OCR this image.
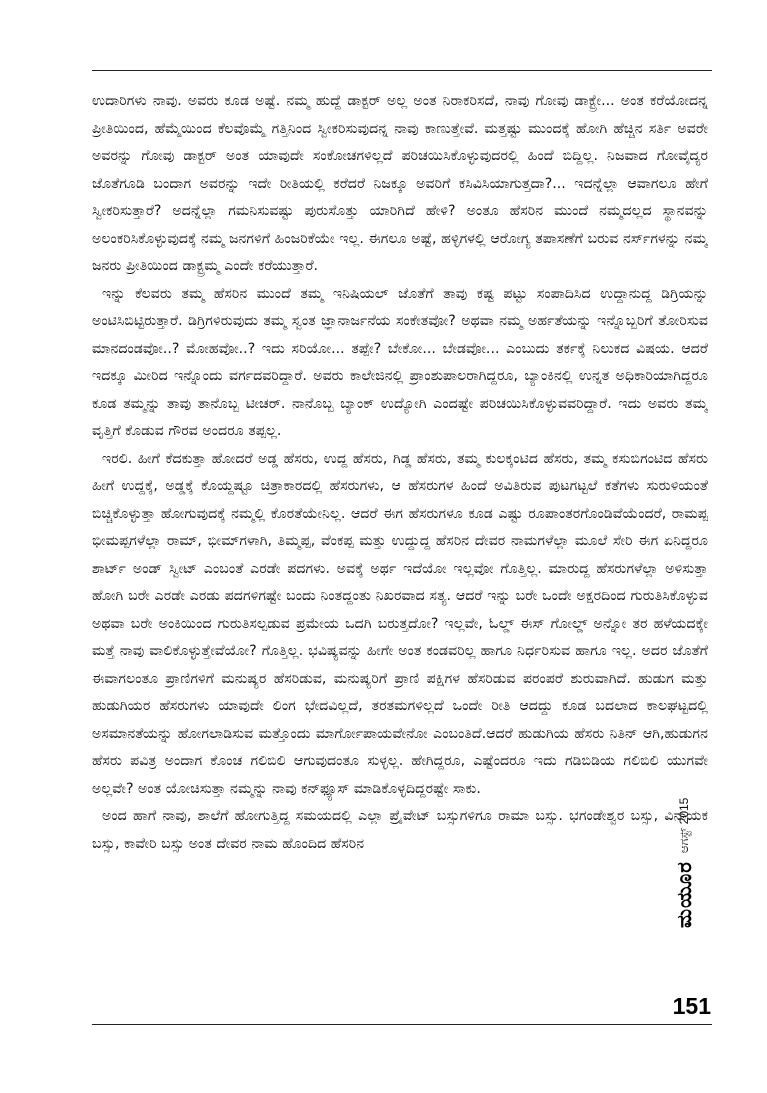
ಉದಾರಿಗಳು ನಾವು. ಅವರು ಕೂಡ ಅಷ್ಟೆ. ನಮ್ಮ ಹುದ್ದೆ ಡಾಕ್ಟರ್ ಅಲ್ಲ ಅಂತ ನಿರಾಕರಿಸದೆ, ನಾವು ಗೋವು ಡಾಕ್ಟ್ರೇ... ಅಂತ ಕರೆಯೋದನ್ನ ಪ್ರೀತಿಯಿಂದ, ಹೆಮ್ಮೆಯಿಂದ ಕೆಲವೊಮ್ಮೆ ಗತ್ತಿನಿಂದ ಸ್ವೀಕರಿಸುವುದನ್ನ ನಾವು ಕಾಣುತ್ತೇವೆ. ಮತ್ತಷ್ಟು ಮುಂದಕ್ಕೆ ಹೋಗಿ ಹೆಚ್ಚಿನ ಸರ್ತಿ ಅವರೇ ಅವರನ್ನು ಗೋವು ಡಾಕ್ಟರ್ ಅಂತ ಯಾವುದೇ ಸಂಕೋಚಗಳಿಲ್ಲದೆ ಪರಿಚಯಿಸಿಕೊಳ್ಳುವುದರಲ್ಲಿ ಹಿಂದೆ ಬಿದ್ದಿಲ್ಲ. ನಿಜವಾದ ಗೋವೈದ್ಯರ ಜೊತೆಗೂಡಿ ಬಂದಾಗ ಅವರನ್ನು ಇದೇ ರೀತಿಯಲ್ಲಿ ಕರೆದರೆ ನಿಜಕ್ಕೂ ಅವರಿಗೆ ಕಸಿವಿಸಿಯಾಗುತ್ತದಾ?... ಇದನ್ನೆಲ್ಲಾ ಆವಾಗಲೂ ಹೇಗೆ ಸ್ವೀಕರಿಸುತ್ತಾರೆ? ಅದನ್ನೆಲ್ಲಾ ಗಮನಿಸುವಷ್ಟು ಪುರುಸೊತ್ತು ಯಾರಿಗಿದೆ ಹೇಳಿ? ಅಂತೂ ಹೆಸರಿನ ಮುಂದೆ ನಮ್ಮದಲ್ಲದ ಸ್ಥಾನವನ್ನು ಅಲಂಕರಿಸಿಕೊಳ್ಳುವುದಕ್ಕೆ ನಮ್ಮ ಜನಗಳಿಗೆ ಹಿಂಜರಿಕೆಯೇ ಇಲ್ಲ. ಈಗಲೂ ಅಷ್ಟೆ, ಹಳ್ಳಿಗಳಲ್ಲಿ ಆರೋಗ್ಯ ತಪಾಸಣೆಗೆ ಬರುವ ನರ್ಸ್‌ಗಳನ್ನು ನಮ್ಮ ಜನರು ಪ್ರೀತಿಯಿಂದ ಡಾಕ್ಟ್ರಮ್ಮ ಎಂದೇ ಕರೆಯುತ್ತಾರೆ.

ಇನ್ನು ಕೆಲವರು ತಮ್ಮ ಹೆಸರಿನ ಮುಂದೆ ತಮ್ಮ ಇನಿಷಿಯಲ್ ಜೊತೆಗೆ ತಾವು ಕಷ್ಟ ಪಟ್ಟು ಸಂಪಾದಿಸಿದ ಉದ್ದಾನುದ್ದ ಡಿಗ್ರಿಯನ್ನು ಅಂಟಿಸಿಬಿಟ್ಟಿರುತ್ತಾರೆ. ಡಿಗ್ರಿಗಳಿರುವುದು ತಮ್ಮ ಸ್ವಂತ ಜ್ಞಾನಾರ್ಜನೆಯ ಸಂಕೇತವೋ? ಅಥವಾ ನಮ್ಮ ಅರ್ಹತೆಯನ್ನು ಇನ್ನೊಬ್ಬರಿಗೆ ತೋರಿಸುವ ಮಾನದಂಡವೋ..? ಮೋಹವೋ..? ಇದು ಸರಿಯೋ... ತಪ್ಪೇ? ಬೇಕೋ... ಬೇಡವೋ... ಎಂಬುದು ತರ್ಕಕ್ಕೆ ನಿಲುಕದ ವಿಷಯ. ಆದರೆ ಇದಕ್ಕೂ ಮೀರಿದ ಇನ್ನೊಂದು ವರ್ಗದವರಿದ್ದಾರೆ. ಅವರು ಕಾಲೇಜಿನಲ್ಲಿ ಪ್ರಾಂಶುಪಾಲರಾಗಿದ್ದರೂ, ಬ್ಯಾಂಕಿನಲ್ಲಿ ಉನ್ನತ ಅಧಿಕಾರಿಯಾಗಿದ್ದರೂ ಕೂಡ ತಮ್ಮನ್ನು ತಾವು ತಾನೊಬ್ಬ ಟೀಚರ್. ನಾನೊಬ್ಬ ಬ್ಯಾಂಕ್ ಉದ್ಯೋಗಿ ಎಂದಷ್ಟೇ ಪರಿಚಯಿಸಿಕೊಳ್ಳುವವರಿದ್ದಾರೆ. ಇದು ಅವರು ತಮ್ಮ ವೃತ್ತಿಗೆ ಕೊಡುವ ಗೌರವ ಅಂದರೂ ತಪ್ಪಲ್ಲ.

ಇರಲಿ. ಹೀಗೆ ಕೆದಕುತ್ತಾ ಹೋದರೆ ಅಡ್ಡ ಹೆಸರು, ಉದ್ದ ಹೆಸರು, ಗಿಡ್ಡ ಹೆಸರು, ತಮ್ಮ ಕುಲಕ್ಕಂಟಿದ ಹೆಸರು, ತಮ್ಮ ಕಸುಬಿಗಂಟಿದ ಹೆಸರು ಹೀಗೆ ಉದ್ದಕ್ಕೆ, ಅಡ್ಡಕ್ಕೆ ಕೊಯ್ದಷ್ಟೂ ಚಿತ್ರಾಕಾರದಲ್ಲಿ ಹೆಸರುಗಳು, ಆ ಹೆಸರುಗಳ ಹಿಂದೆ ಅವಿತಿರುವ ಪುಟಗಟ್ಟಲೆ ಕತೆಗಳು ಸುರುಳಿಯಂತೆ ಬಿಚ್ಚಿಕೊಳ್ಳುತ್ತಾ ಹೋಗುವುದಕ್ಕೆ ನಮ್ಮಲ್ಲಿ ಕೊರತೆಯೇನಿಲ್ಲ. ಆದರೆ ಈಗ ಹೆಸರುಗಳೂ ಕೂಡ ಎಷ್ಟು ರೂಪಾಂತರಗೊಂಡಿವೆಯೆಂದರೆ, ರಾಮಪ್ಪ ಭೀಮಪ್ಪಗಳೆಲ್ಲಾ ರಾಮ್, ಭೀಮ್‌ಗಳಾಗಿ, ತಿಮ್ಮಪ್ಪ, ವೆಂಕಪ್ಪ ಮತ್ತು ಉದ್ದುದ್ದ ಹೆಸರಿನ ದೇವರ ನಾಮಗಳೆಲ್ಲಾ ಮೂಲೆ ಸೇರಿ ಈಗ ಏನಿದ್ದರೂ ಶಾರ್ಟ್ ಅಂಡ್ ಸ್ವೀಟ್ ಎಂಬಂತೆ ಎರಡೇ ಪದಗಳು. ಅವಕ್ಕೆ ಅರ್ಥ ಇದೆಯೋ ಇಲ್ಲವೋ ಗೊತ್ತಿಲ್ಲ. ಮಾರುದ್ದ ಹೆಸರುಗಳೆಲ್ಲಾ ಅಳಿಸುತ್ತಾ ಹೋಗಿ ಬರೇ ಎರಡೇ ಎರಡು ಪದಗಳಿಗಷ್ಟೇ ಬಂದು ನಿಂತದ್ದಂತು ನಿಖರವಾದ ಸತ್ಯ. ಆದರೆ ಇನ್ನು ಬರೇ ಒಂದೇ ಅಕ್ಷರದಿಂದ ಗುರುತಿಸಿಕೊಳ್ಳುವ ಅಥವಾ ಬರೇ ಅಂಕಿಯಿಂದ ಗುರುತಿಸಲ್ಪಡುವ ಪ್ರಮೇಯ ಒದಗಿ ಬರುತ್ತದೋ? ಇಲ್ಲವೇ, ಓಲ್ಡ್ ಈಸ್ ಗೋಲ್ಡ್ ಅನ್ನೋ ತರ ಹಳೆಯದಕ್ಕೇ ಮತ್ತೆ ನಾವು ವಾಲಿಕೊಳ್ಳುತ್ತೇವೆಯೋ? ಗೊತ್ತಿಲ್ಲ. ಭವಿಷ್ಯವನ್ನು ಹೀಗೇ ಅಂತ ಕಂಡವರಿಲ್ಲ ಹಾಗೂ ನಿರ್ಧರಿಸುವ ಹಾಗೂ ಇಲ್ಲ. ಅದರ ಜೊತೆಗೆ ಈವಾಗಲಂತೂ ಪ್ರಾಣಿಗಳಿಗೆ ಮನುಷ್ಯರ ಹೆಸರಿಡುವ, ಮನುಷ್ಯರಿಗೆ ಪ್ರಾಣಿ ಪಕ್ಷಿಗಳ ಹೆಸರಿಡುವ ಪರಂಪರೆ ಶುರುವಾಗಿದೆ. ಹುಡುಗ ಮತ್ತು ಹುಡುಗಿಯರ ಹೆಸರುಗಳು ಯಾವುದೇ ಲಿಂಗ ಭೇದವಿಲ್ಲದೆ, ತರತಮಗಳಿಲ್ಲದೆ ಒಂದೇ ರೀತಿ ಆದದ್ದು ಕೂಡ ಬದಲಾದ ಕಾಲಘಟ್ಟದಲ್ಲಿ ಅಸಮಾನತೆಯನ್ನು ಹೋಗಲಾಡಿಸುವ ಮತ್ತೊಂದು ಮಾರ್ಗೋಪಾಯವೇನೋ ಎಂಬಂತಿದೆ.ಆದರೆ ಹುಡುಗಿಯ ಹೆಸರು ನಿತಿನ್ ಆಗಿ,ಹುಡುಗನ ಹೆಸರು ಪವಿತ್ರ ಅಂದಾಗ ಕೊಂಚ ಗಲಿಬಿಲಿ ಆಗುವುದಂತೂ ಸುಳ್ಳಲ್ಲ. ಹೇಗಿದ್ದರೂ, ಎಷ್ಟೆಂದರೂ ಇದು ಗಡಿಬಿಡಿಯ ಗಲಿಬಿಲಿ ಯುಗವೇ ಅಲ್ಲವೇ? ಅಂತ ಯೋಚಿಸುತ್ತಾ ನಮ್ಮನ್ನು ನಾವು ಕನ್‌ಫ್ಯೂಸ್ ಮಾಡಿಕೊಳ್ಳದಿದ್ದರಷ್ಟೇ ಸಾಕು.

ಅಂದ ಹಾಗೆ ನಾವು, ಶಾಲೆಗೆ ಹೋಗುತ್ತಿದ್ದ ಸಮಯದಲ್ಲಿ ಎಲ್ಲಾ ಪ್ರೈವೇಟ್ ಬಸ್ಸುಗಳಿಗೂ ರಾಮಾ ಬಸ್ಸು. ಭಗಂಡೇಶ್ವರ ಬಸ್ಸು, ವಿನಾಯಕ ಬಸ್ಸು, ಕಾವೇರಿ ಬಸ್ಸು ಅಂತ ದೇವರ ನಾಮ ಹೊಂದಿದ ಹೆಸರಿನ

ಮಯೂರ
ಆಗಸ್ಟ್ 2015
151
